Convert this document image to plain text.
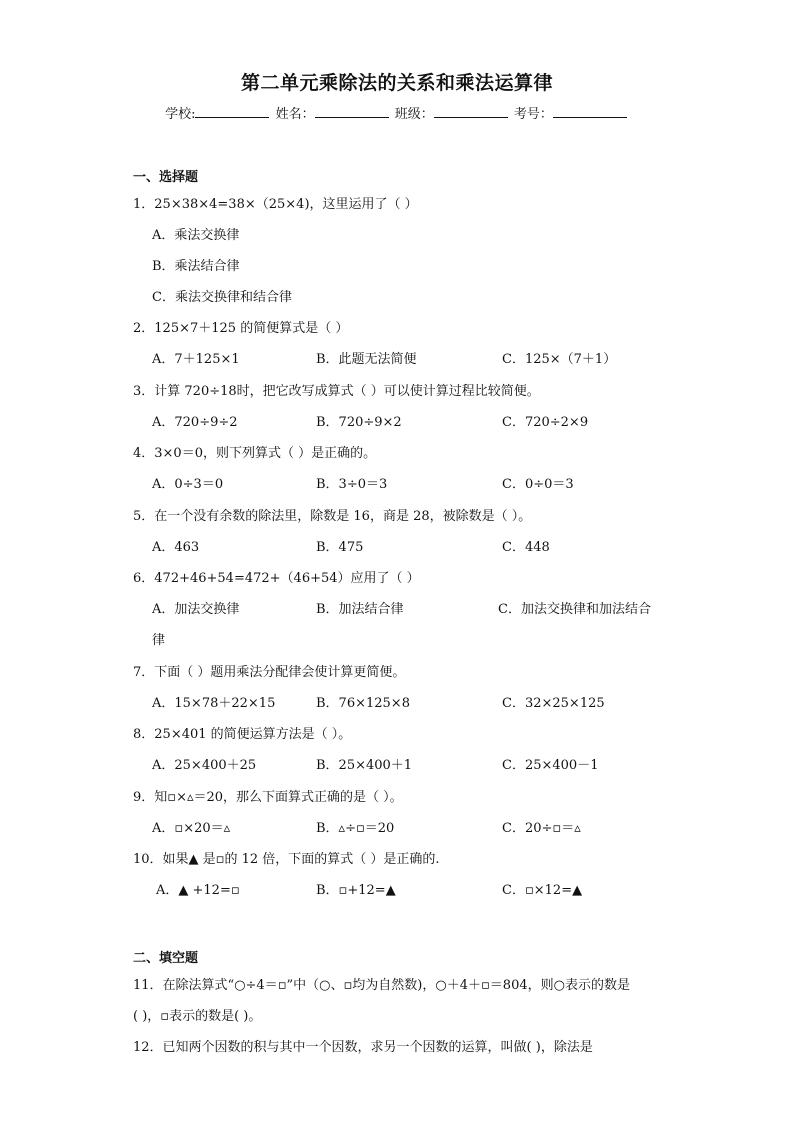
第二单元乘除法的关系和乘法运算律
学校:	姓名：	班级：	考号：
一、选择题
1．25×38×4=38×（25×4)，这里运用了（ ）
A．乘法交换律
B．乘法结合律
C．乘法交换律和结合律
2．125×7＋125 的简便算式是（ ）
A．7＋125×1	B．此题无法简便	C．125×（7＋1）
3．计算 720÷18时，把它改写成算式（ ）可以使计算过程比较简便。
A．720÷9÷2	B．720÷9×2	C．720÷2×9
4．3×0＝0，则下列算式（ ）是正确的。
A．0÷3＝0	B．3÷0＝3	C．0÷0＝3
5．在一个没有余数的除法里，除数是 16，商是 28，被除数是（ ）。
A．463	B．475	C．448
6．472+46+54=472+（46+54）应用了（ ）
A．加法交换律	B．加法结合律	C．加法交换律和加法结合
律
7．下面（ ）题用乘法分配律会使计算更简便。
A．15×78＋22×15	B．76×125×8	C．32×25×125
8．25×401 的简便运算方法是（ ）。
A．25×400＋25	B．25×400＋1	C．25×400－1
9．知▫×▵＝20，那么下面算式正确的是（ ）。
A．▫×20＝▵	B．▵÷▫＝20	C．20÷▫＝▵
10．如果▲ 是▫的 12 倍，下面的算式（ ）是正确的.
A．▲ +12=▫	B．▫+12=▲	C．▫×12=▲
二、填空题
11．在除法算式“○÷4＝▫”中（○、▫均为自然数)，○＋4＋▫＝804，则○表示的数是
( )，▫表示的数是( )。
12．已知两个因数的积与其中一个因数，求另一个因数的运算，叫做( )，除法是
